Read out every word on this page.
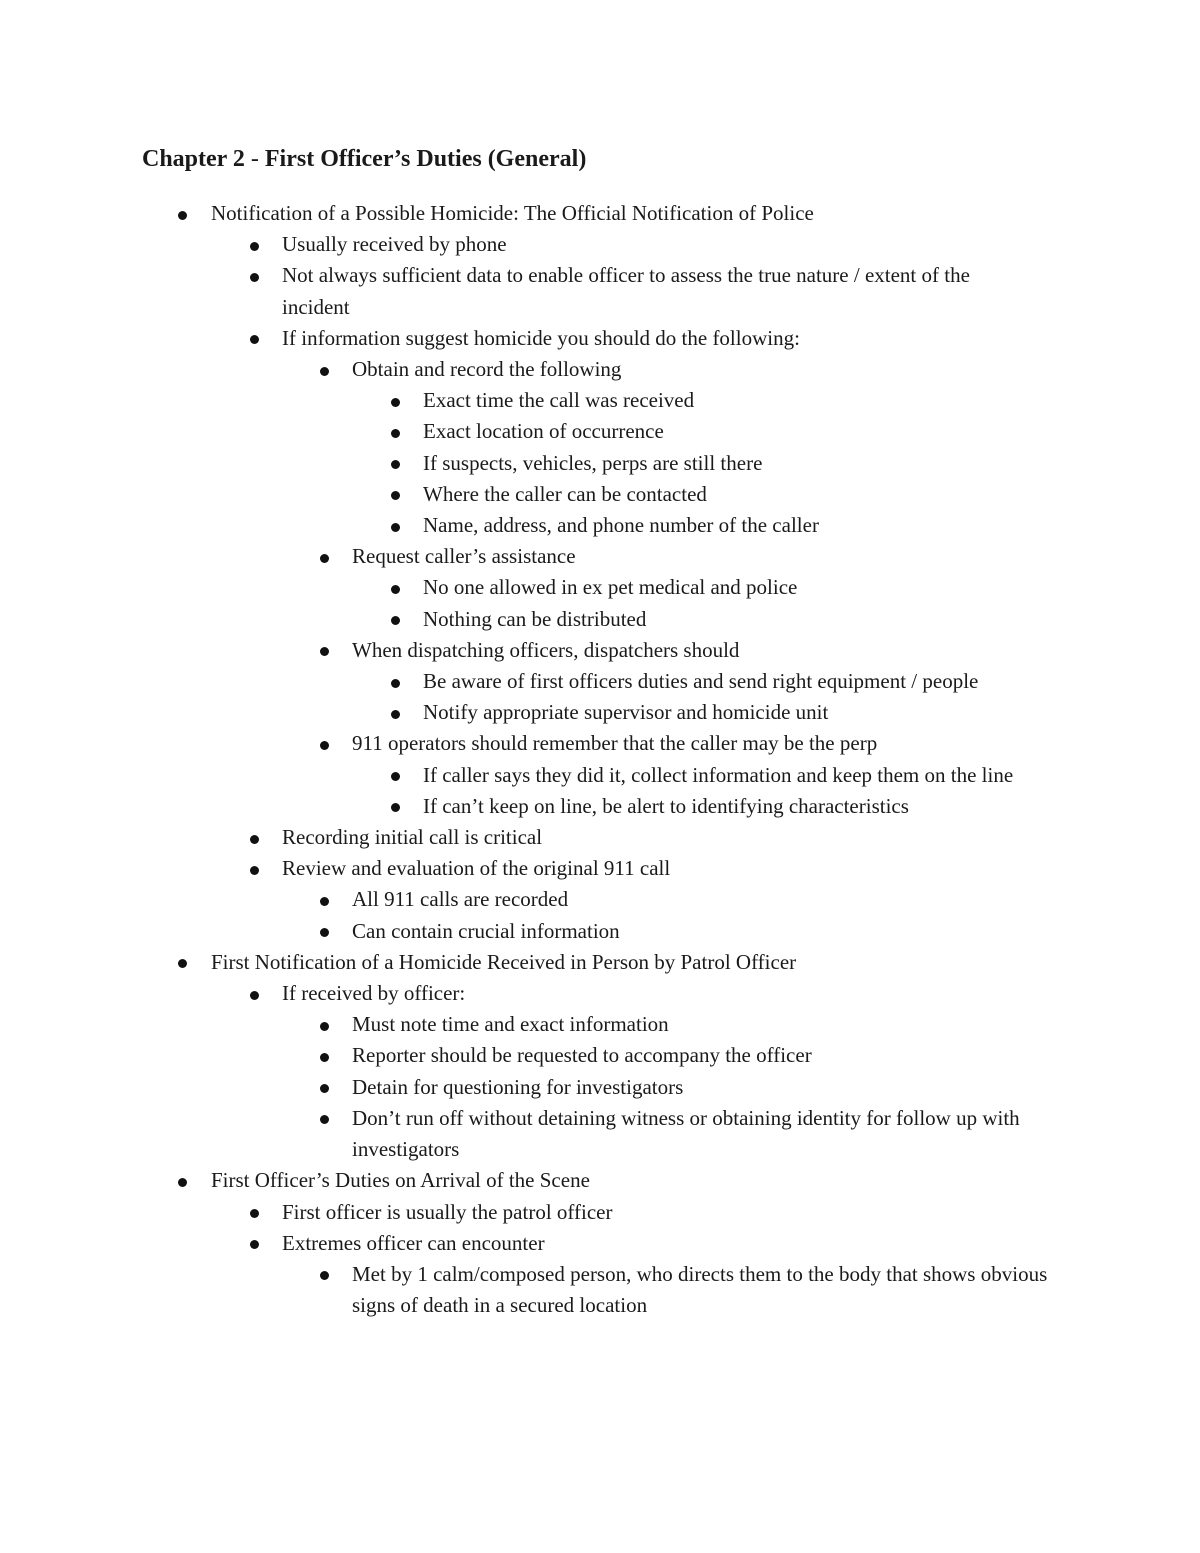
Chapter 2 - First Officer’s Duties (General)
Notification of a Possible Homicide: The Official Notification of Police
Usually received by phone
Not always sufficient data to enable officer to assess the true nature / extent of the incident
If information suggest homicide you should do the following:
Obtain and record the following
Exact time the call was received
Exact location of occurrence
If suspects, vehicles, perps are still there
Where the caller can be contacted
Name, address, and phone number of the caller
Request caller’s assistance
No one allowed in ex pet medical and police
Nothing can be distributed
When dispatching officers, dispatchers should
Be aware of first officers duties and send right equipment / people
Notify appropriate supervisor and homicide unit
911 operators should remember that the caller may be the perp
If caller says they did it, collect information and keep them on the line
If can’t keep on line, be alert to identifying characteristics
Recording initial call is critical
Review and evaluation of the original 911 call
All 911 calls are recorded
Can contain crucial information
First Notification of a Homicide Received in Person by Patrol Officer
If received by officer:
Must note time and exact information
Reporter should be requested to accompany the officer
Detain for questioning for investigators
Don’t run off without detaining witness or obtaining identity for follow up with investigators
First Officer’s Duties on Arrival of the Scene
First officer is usually the patrol officer
Extremes officer can encounter
Met by 1 calm/composed person, who directs them to the body that shows obvious signs of death in a secured location
